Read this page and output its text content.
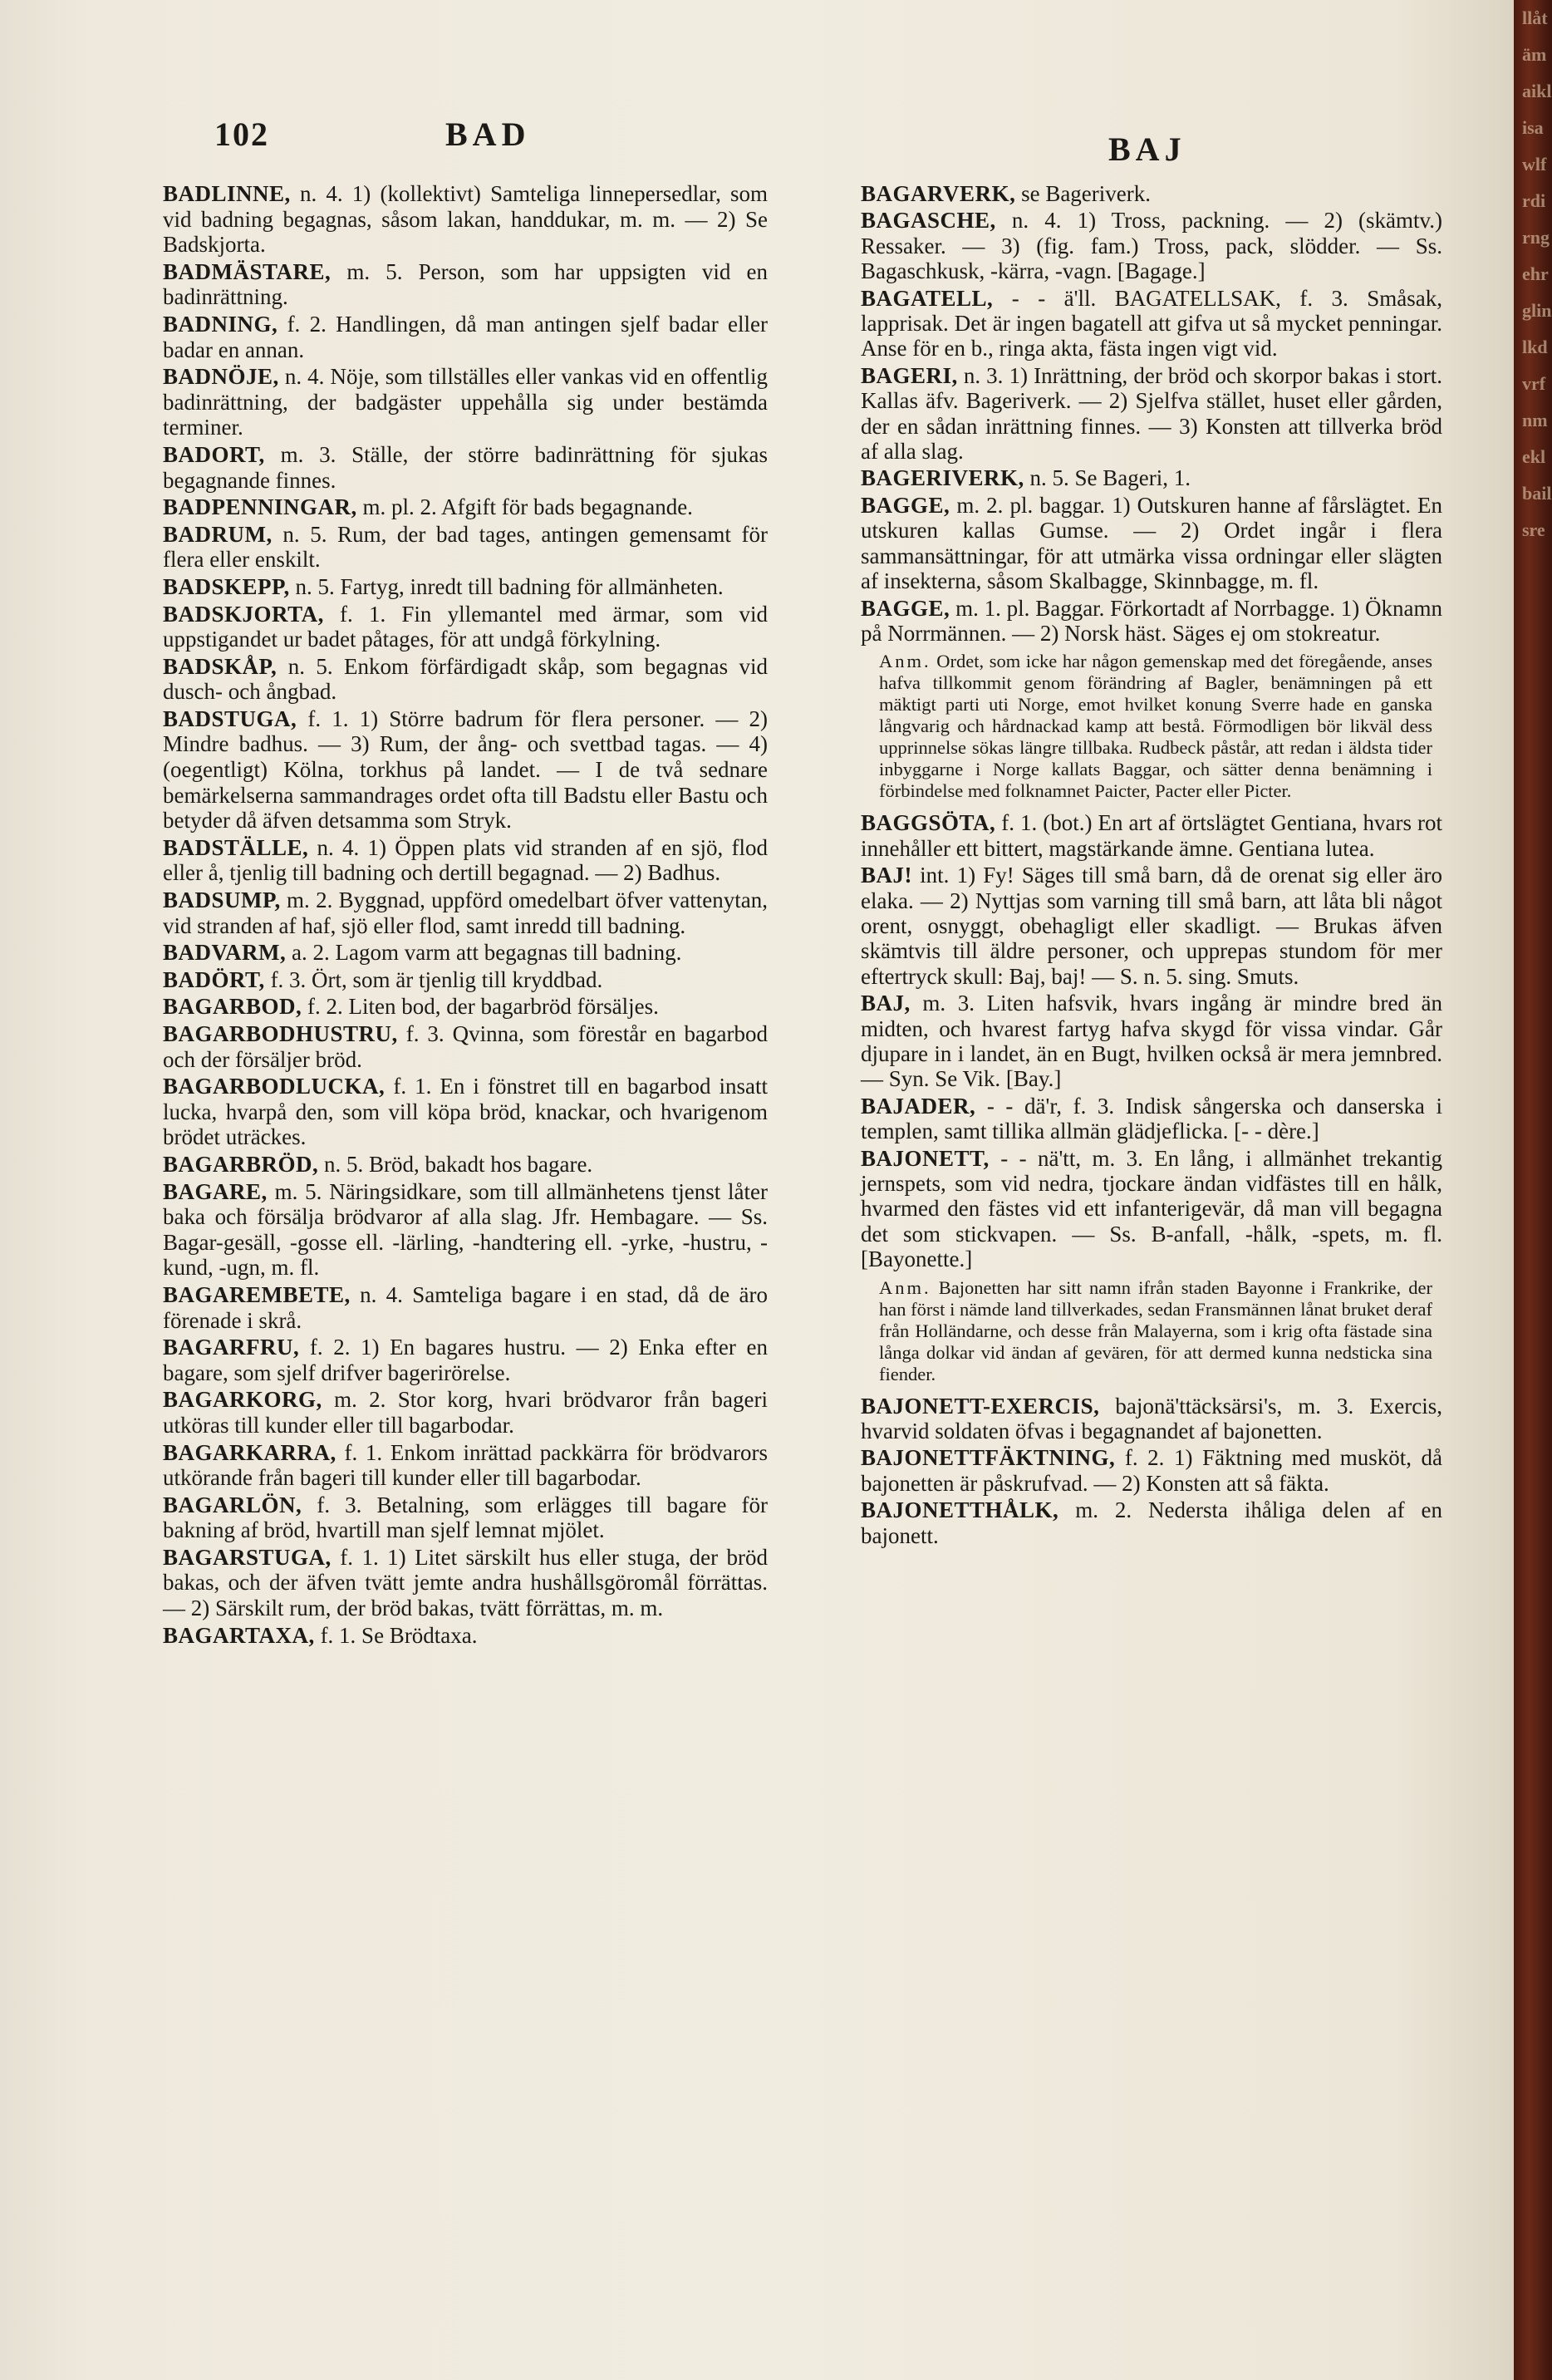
102	BAD	BAJ
BADLINNE, n. 4. 1) (kollektivt) Samteliga linnepersedlar, som vid badning begagnas, såsom lakan, handdukar, m. m. — 2) Se Badskjorta.
BADMÄSTARE, m. 5. Person, som har uppsigten vid en badinrättning.
BADNING, f. 2. Handlingen, då man antingen sjelf badar eller badar en annan.
BADNÖJE, n. 4. Nöje, som tillställes eller vankas vid en offentlig badinrättning, der badgäster uppehålla sig under bestämda terminer.
BADORT, m. 3. Ställe, der större badinrättning för sjukas begagnande finnes.
BADPENNINGAR, m. pl. 2. Afgift för bads begagnande.
BADRUM, n. 5. Rum, der bad tages, antingen gemensamt för flera eller enskilt.
BADSKEPP, n. 5. Fartyg, inredt till badning för allmänheten.
BADSKJORTA, f. 1. Fin yllemantel med ärmar, som vid uppstigandet ur badet påtages, för att undgå förkylning.
BADSKÅP, n. 5. Enkom förfärdigadt skåp, som begagnas vid dusch- och ångbad.
BADSTUGA, f. 1. 1) Större badrum för flera personer. — 2) Mindre badhus. — 3) Rum, der ång- och svettbad tagas. — 4) (oegentligt) Kölna, torkhus på landet. — I de två sednare bemärkelserna sammandrages ordet ofta till Badstu eller Bastu och betyder då äfven detsamma som Stryk.
BADSTÄLLE, n. 4. 1) Öppen plats vid stranden af en sjö, flod eller å, tjenlig till badning och dertill begagnad. — 2) Badhus.
BADSUMP, m. 2. Byggnad, uppförd omedelbart öfver vattenytan, vid stranden af haf, sjö eller flod, samt inredd till badning.
BADVARM, a. 2. Lagom varm att begagnas till badning.
BADÖRT, f. 3. Ört, som är tjenlig till kryddbad.
BAGARBOD, f. 2. Liten bod, der bagarbröd försäljes.
BAGARBODHUSTRU, f. 3. Qvinna, som förestår en bagarbod och der försäljer bröd.
BAGARBODLUCKA, f. 1. En i fönstret till en bagarbod insatt lucka, hvarpå den, som vill köpa bröd, knackar, och hvarigenom brödet uträckes.
BAGARBRÖD, n. 5. Bröd, bakadt hos bagare.
BAGARE, m. 5. Näringsidkare, som till allmänhetens tjenst låter baka och försälja brödvaror af alla slag. Jfr. Hembagare. — Ss. Bagar-gesäll, -gosse ell. -lärling, -handtering ell. -yrke, -hustru, -kund, -ugn, m. fl.
BAGAREMBETE, n. 4. Samteliga bagare i en stad, då de äro förenade i skrå.
BAGARFRU, f. 2. 1) En bagares hustru. — 2) Enka efter en bagare, som sjelf drifver bagerirörelse.
BAGARKORG, m. 2. Stor korg, hvari brödvaror från bageri utköras till kunder eller till bagarbodar.
BAGARKARRA, f. 1. Enkom inrättad packkärra för brödvarors utkörande från bageri till kunder eller till bagarbodar.
BAGARLÖN, f. 3. Betalning, som erlägges till bagare för bakning af bröd, hvartill man sjelf lemnat mjölet.
BAGARSTUGA, f. 1. 1) Litet särskilt hus eller stuga, der bröd bakas, och der äfven tvätt jemte andra hushållsgöromål förrättas. — 2) Särskilt rum, der bröd bakas, tvätt förrättas, m. m.
BAGARTAXA, f. 1. Se Brödtaxa.
BAGARVERK, se Bageriverk.
BAGASCHE, n. 4. 1) Tross, packning. — 2) (skämtv.) Ressaker. — 3) (fig. fam.) Tross, pack, slödder. — Ss. Bagaschkusk, -kärra, -vagn. [Bagage.]
BAGATELL, - - ä'll. BAGATELLSAK, f. 3. Småsak, lapprisak. Det är ingen bagatell att gifva ut så mycket penningar. Anse för en b., ringa akta, fästa ingen vigt vid.
BAGERI, n. 3. 1) Inrättning, der bröd och skorpor bakas i stort. Kallas äfv. Bageriverk. — 2) Sjelfva stället, huset eller gården, der en sådan inrättning finnes. — 3) Konsten att tillverka bröd af alla slag.
BAGERIVERK, n. 5. Se Bageri, 1.
BAGGE, m. 2. pl. baggar. 1) Outskuren hanne af fårslägtet. En utskuren kallas Gumse. — 2) Ordet ingår i flera sammansättningar, för att utmärka vissa ordningar eller slägten af insekterna, såsom Skalbagge, Skinnbagge, m. fl.
BAGGE, m. 1. pl. Baggar. Förkortadt af Norrbagge. 1) Öknamn på Norrmännen. — 2) Norsk häst. Säges ej om stokreatur.
Anm. Ordet, som icke har någon gemenskap med det föregående, anses hafva tillkommit genom förändring af Bagler, benämningen på ett mäktigt parti uti Norge, emot hvilket konung Sverre hade en ganska långvarig och hårdnackad kamp att bestå. Förmodligen bör likväl dess upprinnelse sökas längre tillbaka. Rudbeck påstår, att redan i äldsta tider inbyggarne i Norge kallats Baggar, och sätter denna benämning i förbindelse med folknamnet Paicter, Pacter eller Picter.
BAGGSÖTA, f. 1. (bot.) En art af örtslägtet Gentiana, hvars rot innehåller ett bittert, magstärkande ämne. Gentiana lutea.
BAJ! int. 1) Fy! Säges till små barn, då de orenat sig eller äro elaka. — 2) Nyttjas som varning till små barn, att låta bli något orent, osnyggt, obehagligt eller skadligt. — Brukas äfven skämtvis till äldre personer, och upprepas stundom för mer eftertryck skull: Baj, baj! — S. n. 5. sing. Smuts.
BAJ, m. 3. Liten hafsvik, hvars ingång är mindre bred än midten, och hvarest fartyg hafva skygd för vissa vindar. Går djupare in i landet, än en Bugt, hvilken också är mera jemnbred. — Syn. Se Vik. [Bay.]
BAJADER, - - dä'r, f. 3. Indisk sångerska och danserska i templen, samt tillika allmän glädjeflicka. [- - dère.]
BAJONETT, - - nä'tt, m. 3. En lång, i allmänhet trekantig jernspets, som vid nedra, tjockare ändan vidfästes till en hålk, hvarmed den fästes vid ett infanterigevär, då man vill begagna det som stickvapen. — Ss. B-anfall, -hålk, -spets, m. fl. [Bayonette.]
Anm. Bajonetten har sitt namn ifrån staden Bayonne i Frankrike, der han först i nämde land tillverkades, sedan Fransmännen lånat bruket deraf från Holländarne, och desse från Malayerna, som i krig ofta fästade sina långa dolkar vid ändan af gevären, för att dermed kunna nedsticka sina fiender.
BAJONETT-EXERCIS, bajonä'ttäcksärsi's, m. 3. Exercis, hvarvid soldaten öfvas i begagnandet af bajonetten.
BAJONETTFÄKTNING, f. 2. 1) Fäktning med musköt, då bajonetten är påskrufvad. — 2) Konsten att så fäkta.
BAJONETTHÅLK, m. 2. Nedersta ihåliga delen af en bajonett.
llåtämaiklisawlfrdirngehrglinlkdvrfnmeklbailsre
